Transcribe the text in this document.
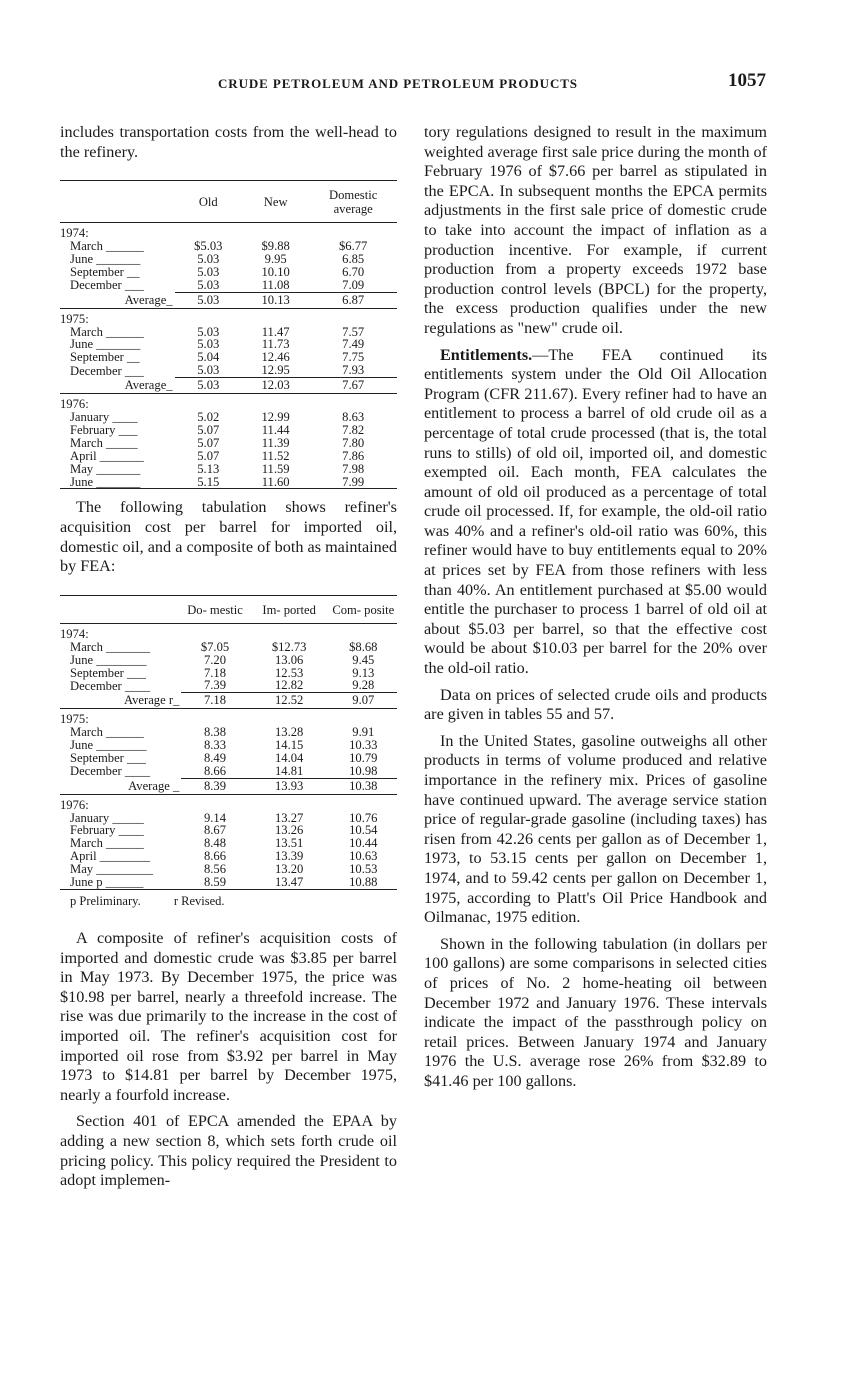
CRUDE PETROLEUM AND PETROLEUM PRODUCTS	1057

includes transportation costs from the well-head to the refinery.

	Old	New	Domestic average
1974:			
March ______	$5.03	$9.88	$6.77
June _______	5.03	9.95	6.85
September __	5.03	10.10	6.70
December ___	5.03	11.08	7.09
Average_	5.03	10.13	6.87

1975:			
March ______	5.03	11.47	7.57
June _______	5.03	11.73	7.49
September __	5.04	12.46	7.75
December ___	5.03	12.95	7.93
Average_	5.03	12.03	7.67

1976:			
January ____	5.02	12.99	8.63
February ___	5.07	11.44	7.82
March _____	5.07	11.39	7.80
April _______	5.07	11.52	7.86
May _______	5.13	11.59	7.98
June _______	5.15	11.60	7.99

The following tabulation shows refiner's acquisition cost per barrel for imported oil, domestic oil, and a composite of both as maintained by FEA:

	Do- mestic	Im- ported	Com- posite
1974:			
March _______	$7.05	$12.73	$8.68
June ________	7.20	13.06	9.45
September ___	7.18	12.53	9.13
December ____	7.39	12.82	9.28
Average r_	7.18	12.52	9.07

1975:			
March ______	8.38	13.28	9.91
June ________	8.33	14.15	10.33
September ___	8.49	14.04	10.79
December ____	8.66	14.81	10.98
Average _	8.39	13.93	10.38

1976:			
January _____	9.14	13.27	10.76
February ____	8.67	13.26	10.54
March ______	8.48	13.51	10.44
April ________	8.66	13.39	10.63
May _________	8.56	13.20	10.53
June p ______	8.59	13.47	10.88
p Preliminary.	r Revised.

A composite of refiner's acquisition costs of imported and domestic crude was $3.85 per barrel in May 1973. By December 1975, the price was $10.98 per barrel, nearly a threefold increase. The rise was due primarily to the increase in the cost of imported oil. The refiner's acquisition cost for imported oil rose from $3.92 per barrel in May 1973 to $14.81 per barrel by December 1975, nearly a fourfold increase.

Section 401 of EPCA amended the EPAA by adding a new section 8, which sets forth crude oil pricing policy. This policy required the President to adopt implemen-

tory regulations designed to result in the maximum weighted average first sale price during the month of February 1976 of $7.66 per barrel as stipulated in the EPCA. In subsequent months the EPCA permits adjustments in the first sale price of domestic crude to take into account the impact of inflation as a production incentive. For example, if current production from a property exceeds 1972 base production control levels (BPCL) for the property, the excess production qualifies under the new regulations as "new" crude oil.

Entitlements.—The FEA continued its entitlements system under the Old Oil Allocation Program (CFR 211.67). Every refiner had to have an entitlement to process a barrel of old crude oil as a percentage of total crude processed (that is, the total runs to stills) of old oil, imported oil, and domestic exempted oil. Each month, FEA calculates the amount of old oil produced as a percentage of total crude oil processed. If, for example, the old-oil ratio was 40% and a refiner's old-oil ratio was 60%, this refiner would have to buy entitlements equal to 20% at prices set by FEA from those refiners with less than 40%. An entitlement purchased at $5.00 would entitle the purchaser to process 1 barrel of old oil at about $5.03 per barrel, so that the effective cost would be about $10.03 per barrel for the 20% over the old-oil ratio.

Data on prices of selected crude oils and products are given in tables 55 and 57.

In the United States, gasoline outweighs all other products in terms of volume produced and relative importance in the refinery mix. Prices of gasoline have continued upward. The average service station price of regular-grade gasoline (including taxes) has risen from 42.26 cents per gallon as of December 1, 1973, to 53.15 cents per gallon on December 1, 1974, and to 59.42 cents per gallon on December 1, 1975, according to Platt's Oil Price Handbook and Oilmanac, 1975 edition.

Shown in the following tabulation (in dollars per 100 gallons) are some comparisons in selected cities of prices of No. 2 home-heating oil between December 1972 and January 1976. These intervals indicate the impact of the passthrough policy on retail prices. Between January 1974 and January 1976 the U.S. average rose 26% from $32.89 to $41.46 per 100 gallons.
